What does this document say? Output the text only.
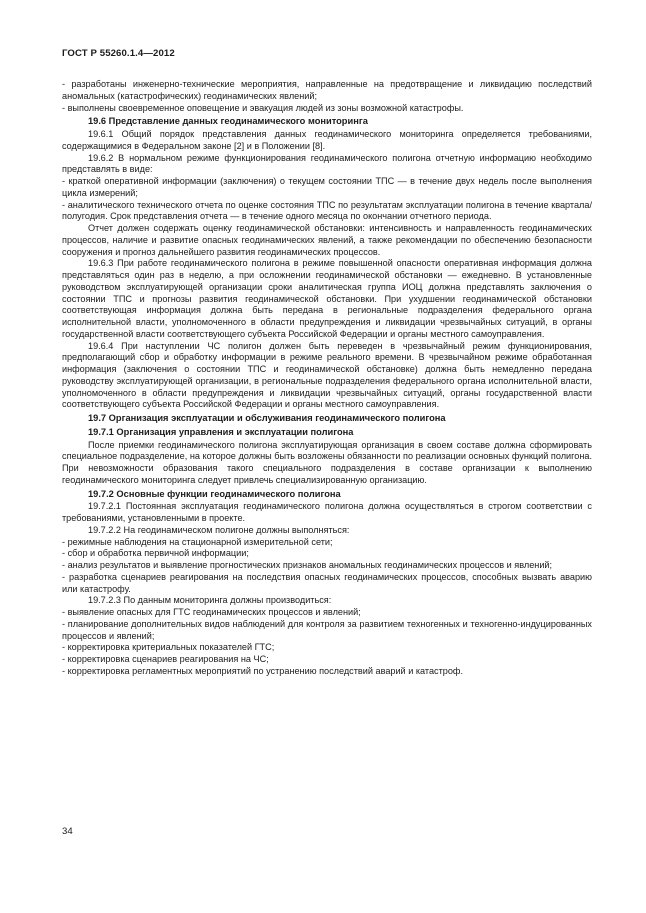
ГОСТ Р 55260.1.4—2012
- разработаны инженерно-технические мероприятия, направленные на предотвращение и ликвидацию последствий аномальных (катастрофических) геодинамических явлений;
- выполнены своевременное оповещение и эвакуация людей из зоны возможной катастрофы.
19.6 Представление данных геодинамического мониторинга
19.6.1 Общий порядок представления данных геодинамического мониторинга определяется требованиями, содержащимися в Федеральном законе [2] и в Положении [8].
19.6.2 В нормальном режиме функционирования геодинамического полигона отчетную информацию необходимо представлять в виде:
- краткой оперативной информации (заключения) о текущем состоянии ТПС — в течение двух недель после выполнения цикла измерений;
- аналитического технического отчета по оценке состояния ТПС по результатам эксплуатации полигона в течение квартала/полугодия. Срок представления отчета — в течение одного месяца по окончании отчетного периода.
Отчет должен содержать оценку геодинамической обстановки: интенсивность и направленность геодинамических процессов, наличие и развитие опасных геодинамических явлений, а также рекомендации по обеспечению безопасности сооружения и прогноз дальнейшего развития геодинамических процессов.
19.6.3 При работе геодинамического полигона в режиме повышенной опасности оперативная информация должна представляться один раз в неделю, а при осложнении геодинамической обстановки — ежедневно. В установленные руководством эксплуатирующей организации сроки аналитическая группа ИОЦ должна представлять заключения о состоянии ТПС и прогнозы развития геодинамической обстановки. При ухудшении геодинамической обстановки соответствующая информация должна быть передана в региональные подразделения федерального органа исполнительной власти, уполномоченного в области предупреждения и ликвидации чрезвычайных ситуаций, в органы государственной власти соответствующего субъекта Российской Федерации и органы местного самоуправления.
19.6.4 При наступлении ЧС полигон должен быть переведен в чрезвычайный режим функционирования, предполагающий сбор и обработку информации в режиме реального времени. В чрезвычайном режиме обработанная информация (заключения о состоянии ТПС и геодинамической обстановке) должна быть немедленно передана руководству эксплуатирующей организации, в региональные подразделения федерального органа исполнительной власти, уполномоченного в области предупреждения и ликвидации чрезвычайных ситуаций, органы государственной власти соответствующего субъекта Российской Федерации и органы местного самоуправления.
19.7 Организация эксплуатации и обслуживания геодинамического полигона
19.7.1 Организация управления и эксплуатации полигона
После приемки геодинамического полигона эксплуатирующая организация в своем составе должна сформировать специальное подразделение, на которое должны быть возложены обязанности по реализации основных функций полигона. При невозможности образования такого специального подразделения в составе организации к выполнению геодинамического мониторинга следует привлечь специализированную организацию.
19.7.2 Основные функции геодинамического полигона
19.7.2.1 Постоянная эксплуатация геодинамического полигона должна осуществляться в строгом соответствии с требованиями, установленными в проекте.
19.7.2.2 На геодинамическом полигоне должны выполняться:
- режимные наблюдения на стационарной измерительной сети;
- сбор и обработка первичной информации;
- анализ результатов и выявление прогностических признаков аномальных геодинамических процессов и явлений;
- разработка сценариев реагирования на последствия опасных геодинамических процессов, способных вызвать аварию или катастрофу.
19.7.2.3 По данным мониторинга должны производиться:
- выявление опасных для ГТС геодинамических процессов и явлений;
- планирование дополнительных видов наблюдений для контроля за развитием техногенных и техногенно-индуцированных процессов и явлений;
- корректировка критериальных показателей ГТС;
- корректировка сценариев реагирования на ЧС;
- корректировка регламентных мероприятий по устранению последствий аварий и катастроф.
34
